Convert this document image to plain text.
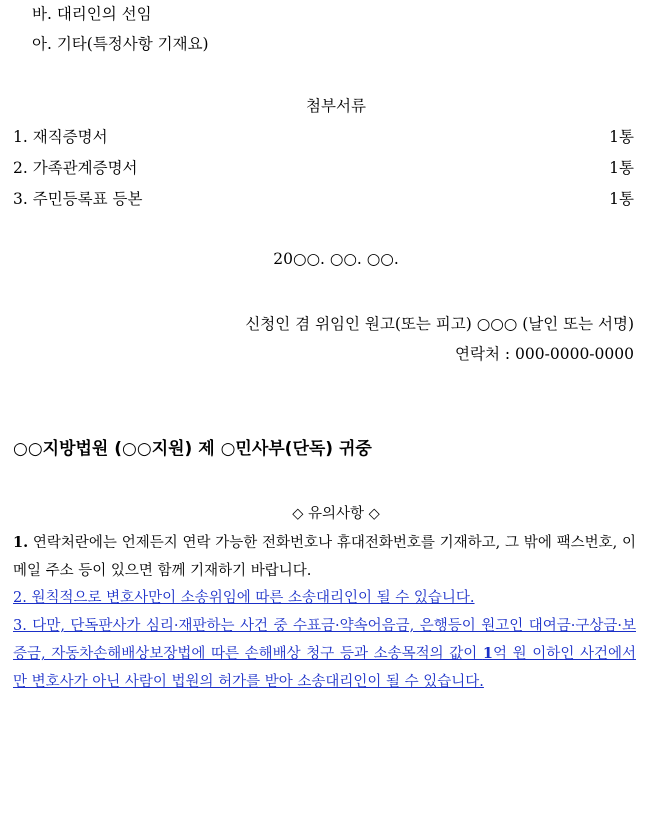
바. 대리인의 선임
아. 기타(특정사항 기재요)
첨부서류
1. 재직증명서	1통
2. 가족관계증명서	1통
3. 주민등록표 등본	1통
20○○. ○○. ○○.
신청인 겸 위임인 원고(또는 피고) ○○○ (날인 또는 서명)
연락처 : 000-0000-0000
○○지방법원 (○○지원) 제 ○민사부(단독) 귀중
◇ 유의사항 ◇
1. 연락처란에는 언제든지 연락 가능한 전화번호나 휴대전화번호를 기재하고, 그 밖에 팩스번호, 이메일 주소 등이 있으면 함께 기재하기 바랍니다.
2. 원칙적으로 변호사만이 소송위임에 따른 소송대리인이 될 수 있습니다.
3. 다만, 단독판사가 심리·재판하는 사건 중 수표금·약속어음금, 은행등이 원고인 대여금·구상금·보증금, 자동차손해배상보장법에 따른 손해배상 청구 등과 소송목적의 값이 1억 원 이하인 사건에서만 변호사가 아닌 사람이 법원의 허가를 받아 소송대리인이 될 수 있습니다.
